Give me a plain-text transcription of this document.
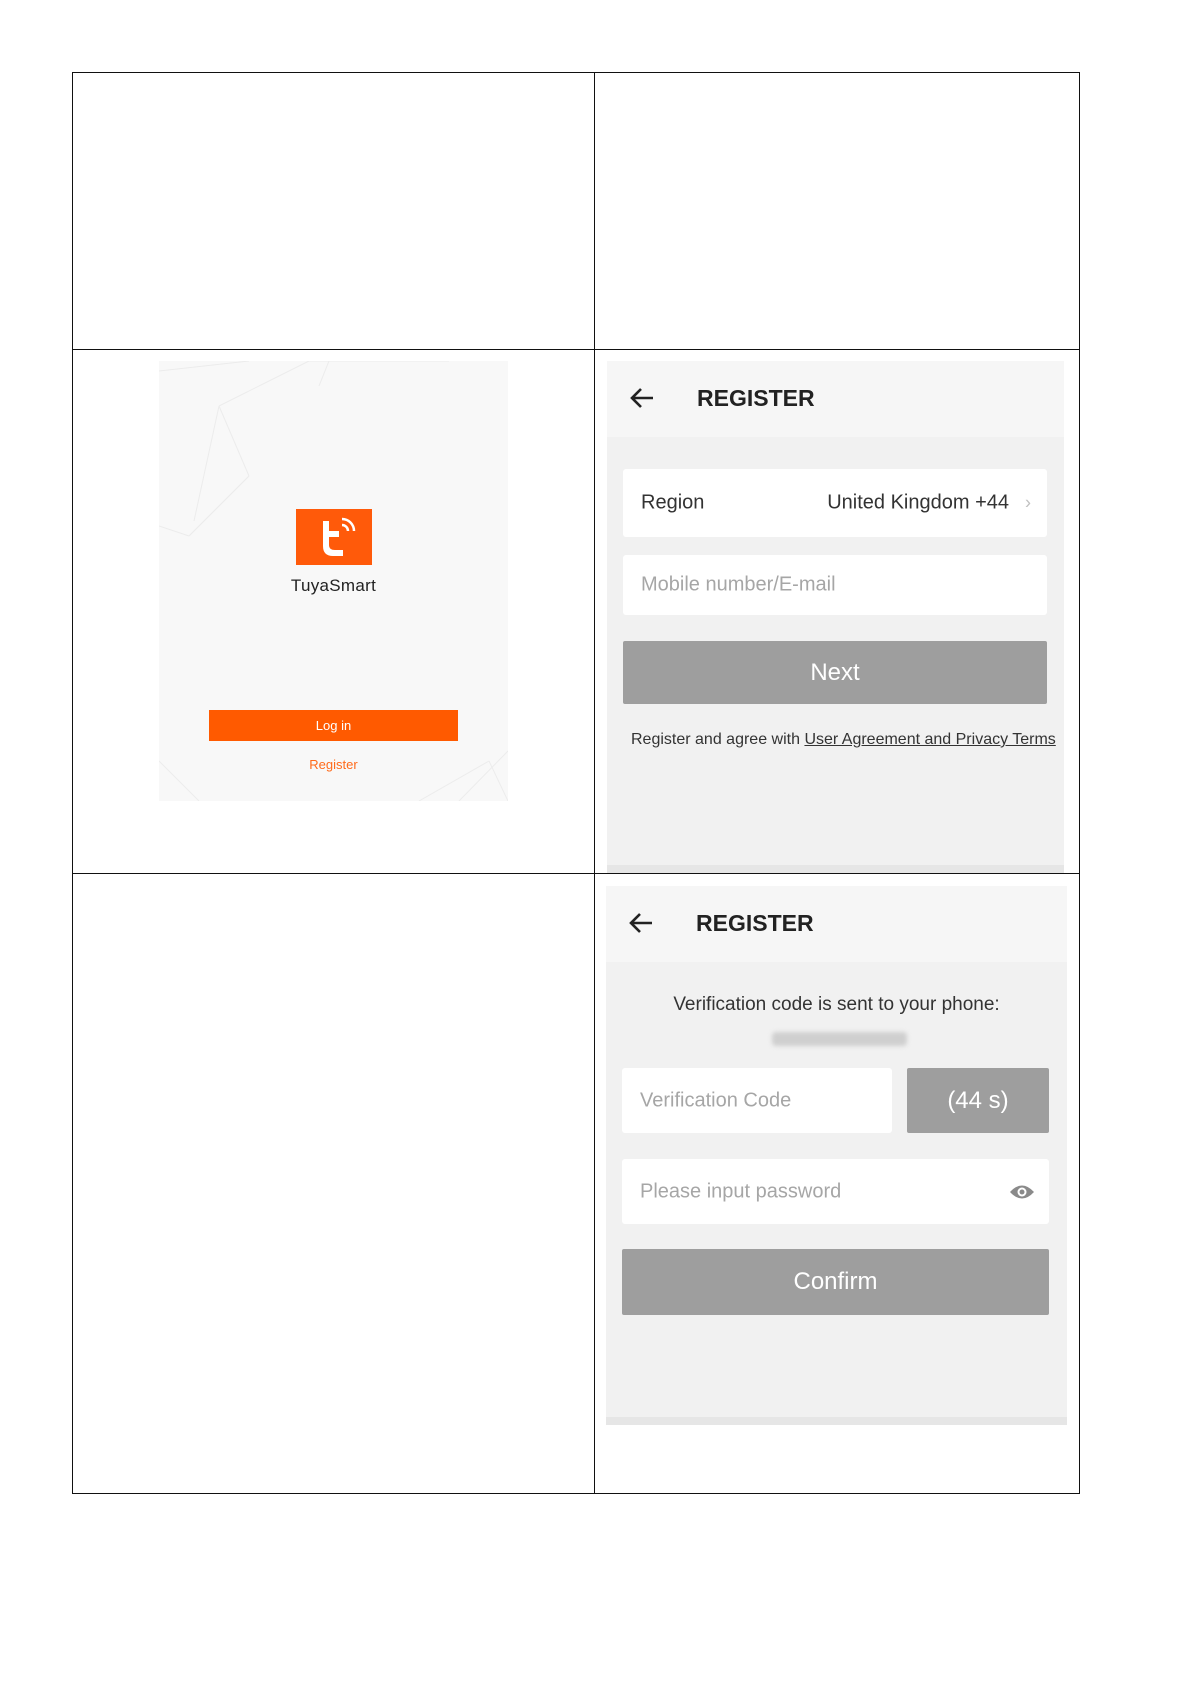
TuyaSmart
Log in
Register
REGISTER
Region	United Kingdom +44 ›
Mobile number/E-mail
Next
Register and agree with User Agreement and Privacy Terms
REGISTER
Verification code is sent to your phone:
Verification Code	(44 s)
Please input password
Confirm
